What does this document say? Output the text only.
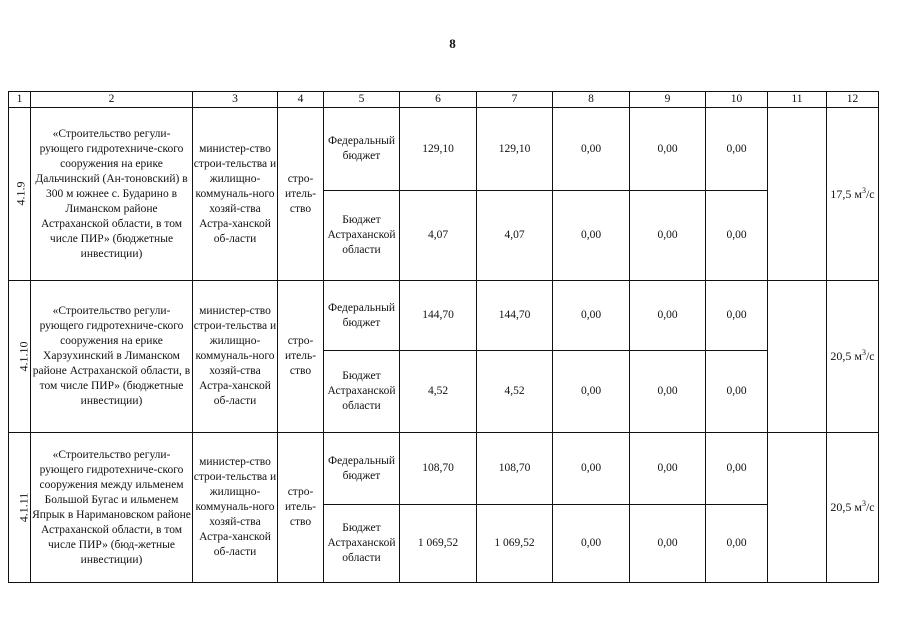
8
1	2	3	4	5	6	7	8	9	10	11	12
4.1.9	«Строительство регули-рующего гидротехниче-ского сооружения на ерике Дальчинский (Ан-тоновский) в 300 м южнее с. Бударино в Лиманском районе Астраханской области, в том числе ПИР» (бюджетные инвестиции)	министер-ство строи-тельства и жилищно-коммуналь-ного хозяй-ства Астра-ханской об-ласти	стро-итель-ство	Федеральный бюджет	129,10	129,10	0,00	0,00	0,00		17,5 $м^3/с$
				Бюджет Астраханской области	4,07	4,07	0,00	0,00	0,00		
4.1.10	«Строительство регули-рующего гидротехниче-ского сооружения на ерике Харзухинский в Лиманском районе Астраханской области, в том числе ПИР» (бюджетные инвестиции)	министер-ство строи-тельства и жилищно-коммуналь-ного хозяй-ства Астра-ханской об-ласти	стро-итель-ство	Федеральный бюджет	144,70	144,70	0,00	0,00	0,00		20,5 $м^3/с$
				Бюджет Астраханской области	4,52	4,52	0,00	0,00	0,00		
4.1.11	«Строительство регули-рующего гидротехниче-ского сооружения между ильменем Большой Бугас и ильменем Япрык в Наримановском районе Астраханской области, в том числе ПИР» (бюд-жетные инвестиции)	министер-ство строи-тельства и жилищно-коммуналь-ного хозяй-ства Астра-ханской об-ласти	стро-итель-ство	Федеральный бюджет	108,70	108,70	0,00	0,00	0,00		20,5 $м^3/с$
				Бюджет Астраханской области	1 069,52	1 069,52	0,00	0,00	0,00		
